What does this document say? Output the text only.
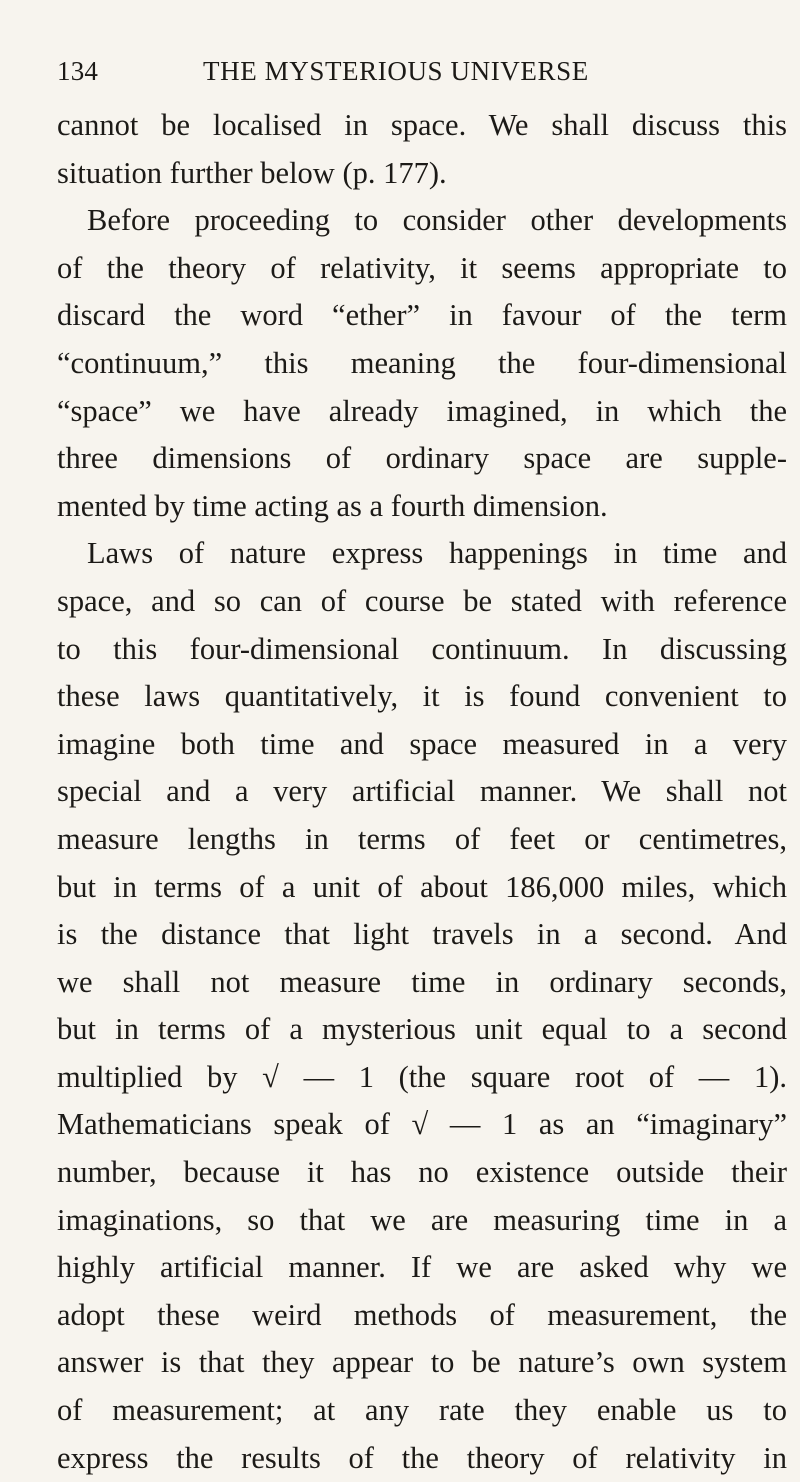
134	THE MYSTERIOUS UNIVERSE
cannot be localised in space. We shall discuss this
situation further below (p. 177).
Before proceeding to consider other developments
of the theory of relativity, it seems appropriate to
discard the word “ether” in favour of the term
“continuum,” this meaning the four-dimensional
“space” we have already imagined, in which the
three dimensions of ordinary space are supple-
mented by time acting as a fourth dimension.
Laws of nature express happenings in time and
space, and so can of course be stated with reference
to this four-dimensional continuum. In discussing
these laws quantitatively, it is found convenient to
imagine both time and space measured in a very
special and a very artificial manner. We shall not
measure lengths in terms of feet or centimetres,
but in terms of a unit of about 186,000 miles, which
is the distance that light travels in a second. And
we shall not measure time in ordinary seconds,
but in terms of a mysterious unit equal to a second
multiplied by √ — 1 (the square root of — 1).
Mathematicians speak of √ — 1 as an “imaginary”
number, because it has no existence outside their
imaginations, so that we are measuring time in a
highly artificial manner. If we are asked why we
adopt these weird methods of measurement, the
answer is that they appear to be nature’s own system
of measurement; at any rate they enable us to
express the results of the theory of relativity in
